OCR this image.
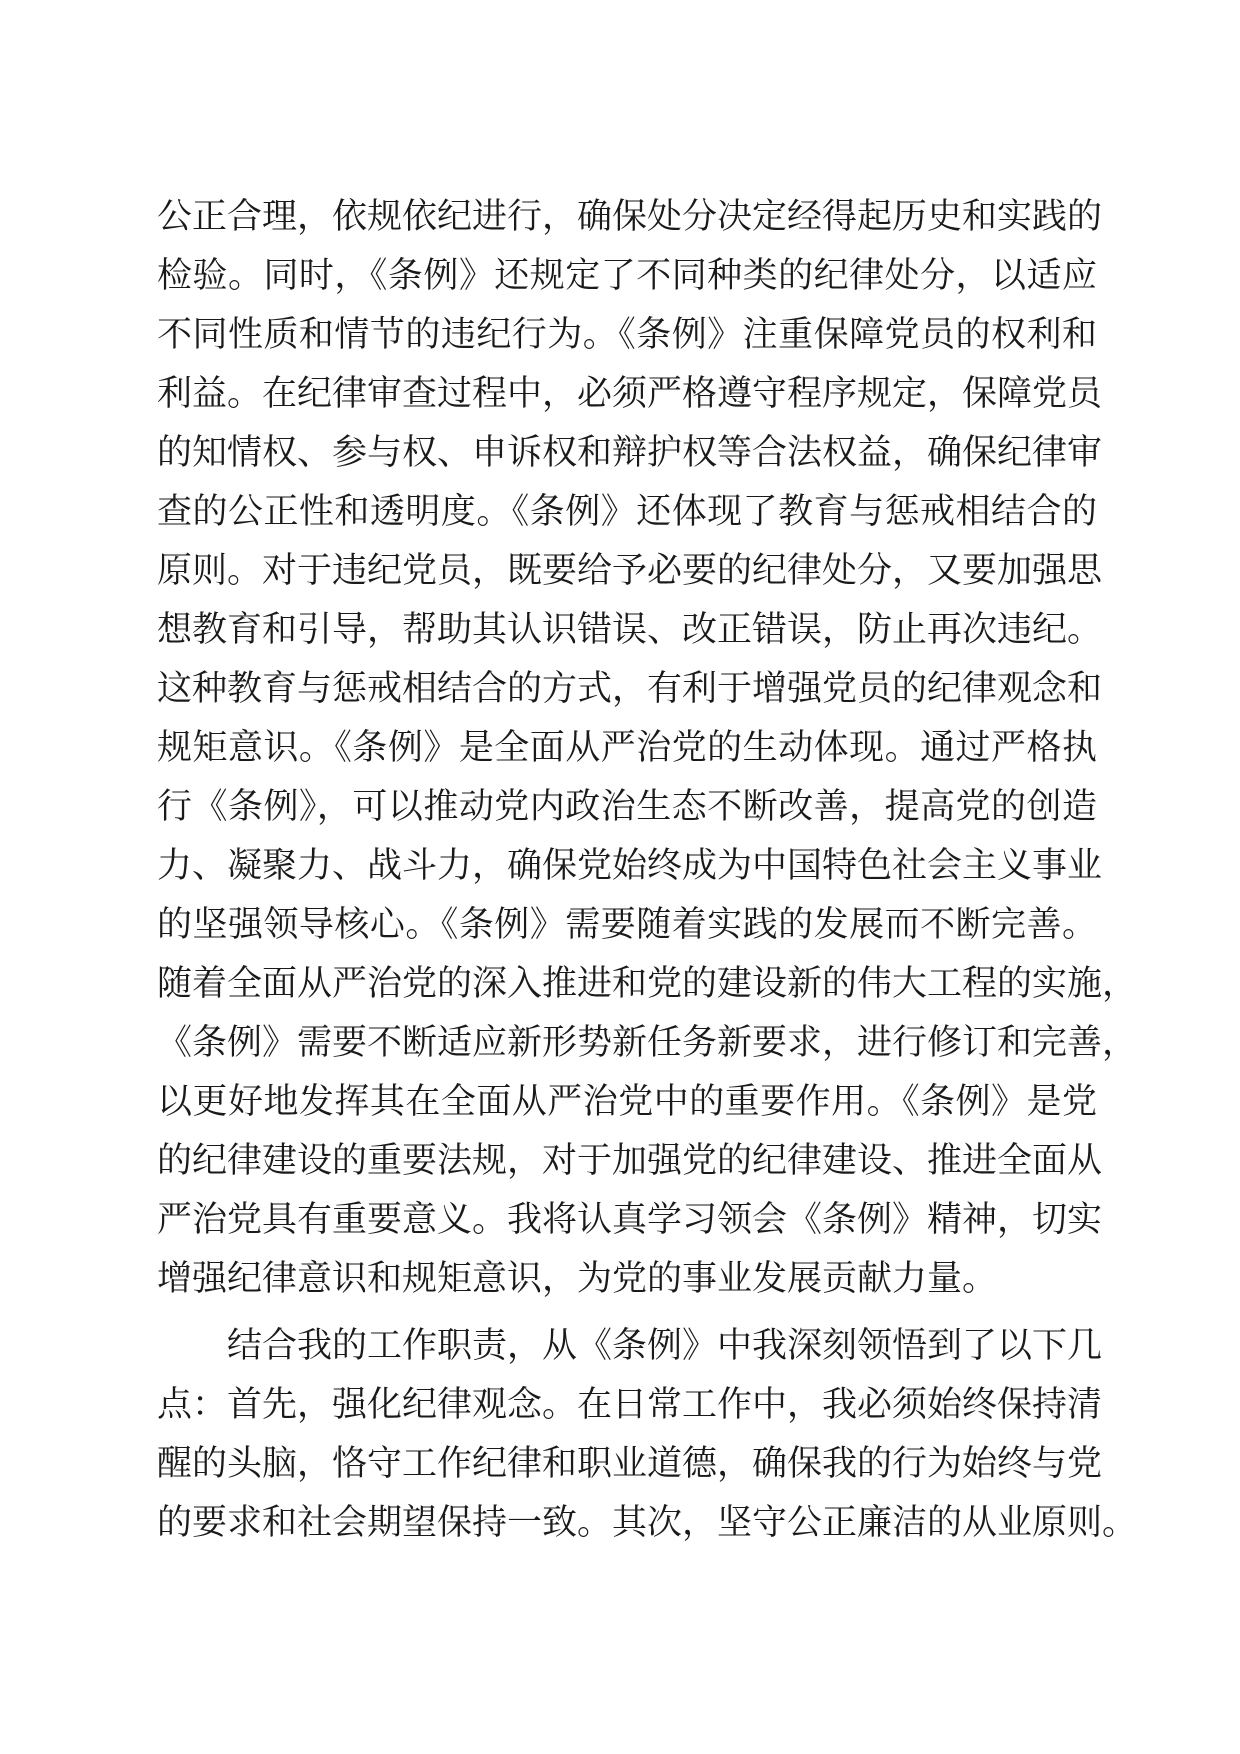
公正合理，依规依纪进行，确保处分决定经得起历史和实践的
检验。同时，《条例》还规定了不同种类的纪律处分，以适应
不同性质和情节的违纪行为。《条例》注重保障党员的权利和
利益。在纪律审查过程中，必须严格遵守程序规定，保障党员
的知情权、参与权、申诉权和辩护权等合法权益，确保纪律审
查的公正性和透明度。《条例》还体现了教育与惩戒相结合的
原则。对于违纪党员，既要给予必要的纪律处分，又要加强思
想教育和引导，帮助其认识错误、改正错误，防止再次违纪。
这种教育与惩戒相结合的方式，有利于增强党员的纪律观念和
规矩意识。《条例》是全面从严治党的生动体现。通过严格执
行《条例》，可以推动党内政治生态不断改善，提高党的创造
力、凝聚力、战斗力，确保党始终成为中国特色社会主义事业
的坚强领导核心。《条例》需要随着实践的发展而不断完善。
随着全面从严治党的深入推进和党的建设新的伟大工程的实施，
《条例》需要不断适应新形势新任务新要求，进行修订和完善，
以更好地发挥其在全面从严治党中的重要作用。《条例》是党
的纪律建设的重要法规，对于加强党的纪律建设、推进全面从
严治党具有重要意义。我将认真学习领会《条例》精神，切实
增强纪律意识和规矩意识，为党的事业发展贡献力量。
结合我的工作职责，从《条例》中我深刻领悟到了以下几
点：首先，强化纪律观念。在日常工作中，我必须始终保持清
醒的头脑，恪守工作纪律和职业道德，确保我的行为始终与党
的要求和社会期望保持一致。其次，坚守公正廉洁的从业原则。
